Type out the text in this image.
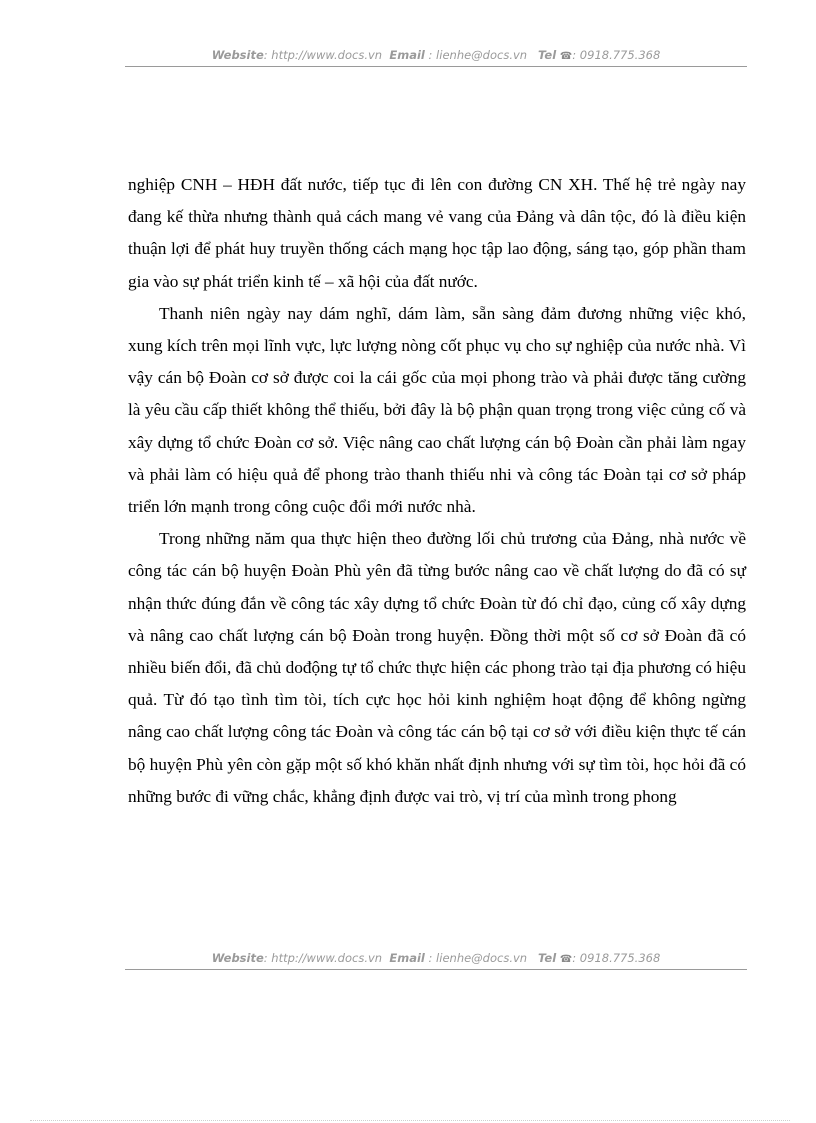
Website: http://www.docs.vn Email : lienhe@docs.vn Tel ☎: 0918.775.368

nghiệp CNH – HĐH đất nước, tiếp tục đi lên con đường CN XH. Thế hệ trẻ ngày nay đang kế thừa nhưng thành quả cách mang vẻ vang của Đảng và dân tộc, đó là điều kiện thuận lợi để phát huy truyền thống cách mạng học tập lao động, sáng tạo, góp phần tham gia vào sự phát triển kinh tế – xã hội của đất nước.

Thanh niên ngày nay dám nghĩ, dám làm, sẵn sàng đảm đương những việc khó, xung kích trên mọi lĩnh vực, lực lượng nòng cốt phục vụ cho sự nghiệp của nước nhà. Vì vậy cán bộ Đoàn cơ sở được coi la cái gốc của mọi phong trào và phải được tăng cường là yêu cầu cấp thiết không thể thiếu, bởi đây là bộ phận quan trọng trong việc củng cố và xây dựng tổ chức Đoàn cơ sở. Việc nâng cao chất lượng cán bộ Đoàn cần phải làm ngay và phải làm có hiệu quả để phong trào thanh thiếu nhi và công tác Đoàn tại cơ sở pháp triển lớn mạnh trong công cuộc đổi mới nước nhà.

Trong những năm qua thực hiện theo đường lối chủ trương của Đảng, nhà nước về công tác cán bộ huyện Đoàn Phù yên đã từng bước nâng cao về chất lượng do đã có sự nhận thức đúng đắn về công tác xây dựng tổ chức Đoàn từ đó chỉ đạo, củng cố xây dựng và nâng cao chất lượng cán bộ Đoàn trong huyện. Đồng thời một số cơ sở Đoàn đã có nhiều biến đổi, đã chủ dođộng tự tổ chức thực hiện các phong trào tại địa phương có hiệu quả. Từ đó tạo tình tìm tòi, tích cực học hỏi kinh nghiệm hoạt động để không ngừng nâng cao chất lượng công tác Đoàn và công tác cán bộ tại cơ sở với điều kiện thực tế cán bộ huyện Phù yên còn gặp một số khó khăn nhất định nhưng với sự tìm tòi, học hỏi đã có những bước đi vững chắc, khẳng định được vai trò, vị trí của mình trong phong

Website: http://www.docs.vn Email : lienhe@docs.vn Tel ☎: 0918.775.368
